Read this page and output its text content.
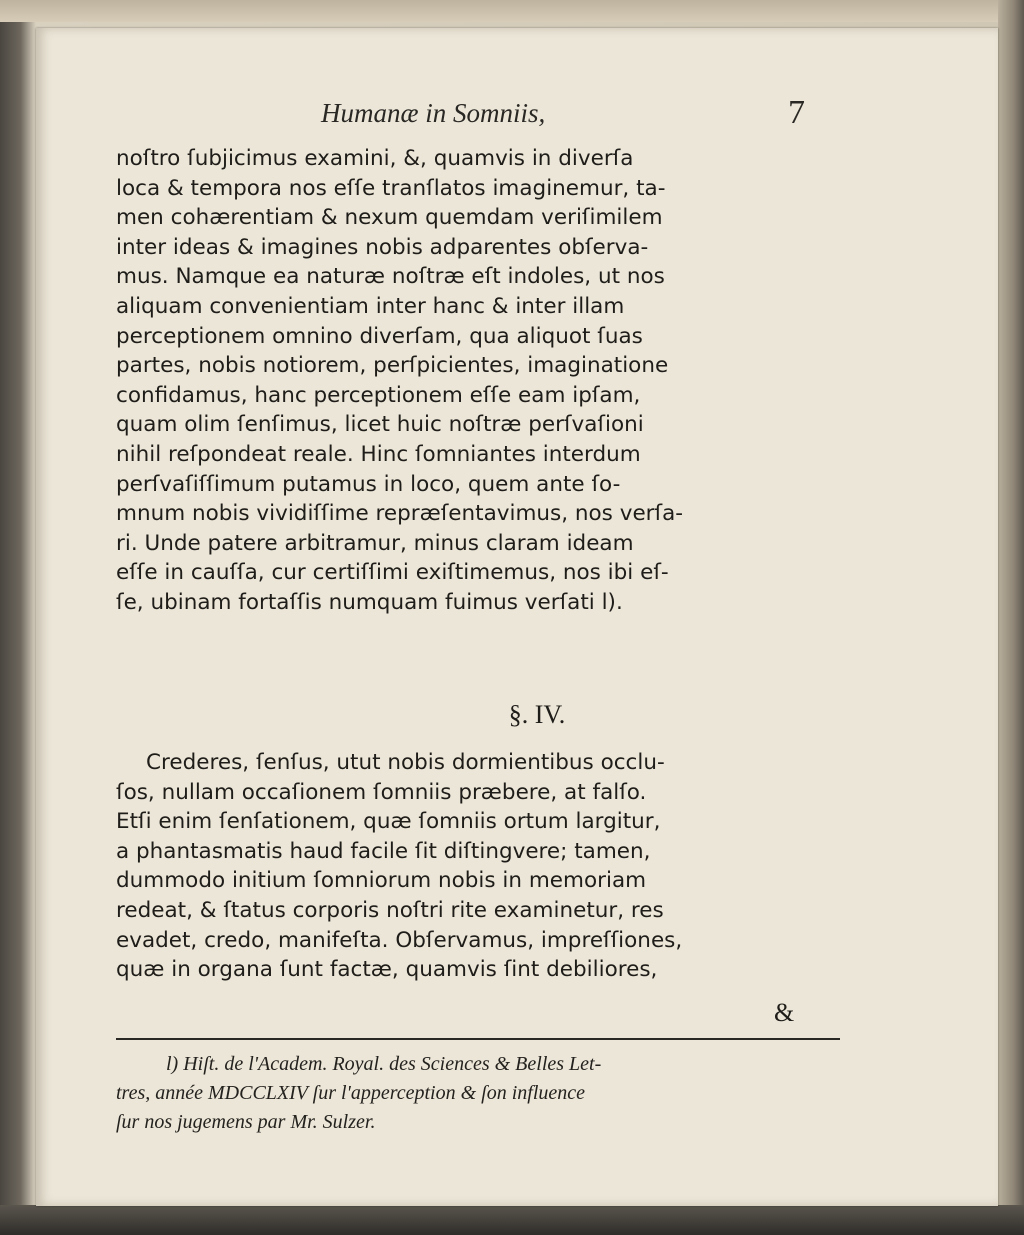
Humanæ in Somniis,	7
noſtro ſubjicimus examini, &, quamvis in diverſa
loca & tempora nos eſſe tranſlatos imaginemur, ta-
men cohærentiam & nexum quemdam veriſimilem
inter ideas & imagines nobis adparentes obſerva-
mus. Namque ea naturæ noſtræ eſt indoles, ut nos
aliquam convenientiam inter hanc & inter illam
perceptionem omnino diverſam, qua aliquot ſuas
partes, nobis notiorem, perſpicientes, imaginatione
confidamus, hanc perceptionem eſſe eam ipſam,
quam olim ſenſimus, licet huic noſtræ perſvaſioni
nihil reſpondeat reale. Hinc ſomniantes interdum
perſvaſiſſimum putamus in loco, quem ante ſo-
mnum nobis vividiſſime repræſentavimus, nos verſa-
ri. Unde patere arbitramur, minus claram ideam
eſſe in cauſſa, cur certiſſimi exiſtimemus, nos ibi eſ-
ſe, ubinam fortaſſis numquam fuimus verſati l).
§. IV.
Crederes, ſenſus, utut nobis dormientibus occlu-
ſos, nullam occaſionem ſomniis præbere, at falſo.
Etſi enim ſenſationem, quæ ſomniis ortum largitur,
a phantasmatis haud facile ſit diſtingvere; tamen,
dummodo initium ſomniorum nobis in memoriam
redeat, & ſtatus corporis noſtri rite examinetur, res
evadet, credo, manifeſta. Obſervamus, impreſſiones,
quæ in organa ſunt factæ, quamvis ſint debiliores,
&
l) Hiſt. de l'Academ. Royal. des Sciences & Belles Let-
tres, année MDCCLXIV ſur l'apperception & ſon influence
ſur nos jugemens par Mr. Sulzer.
